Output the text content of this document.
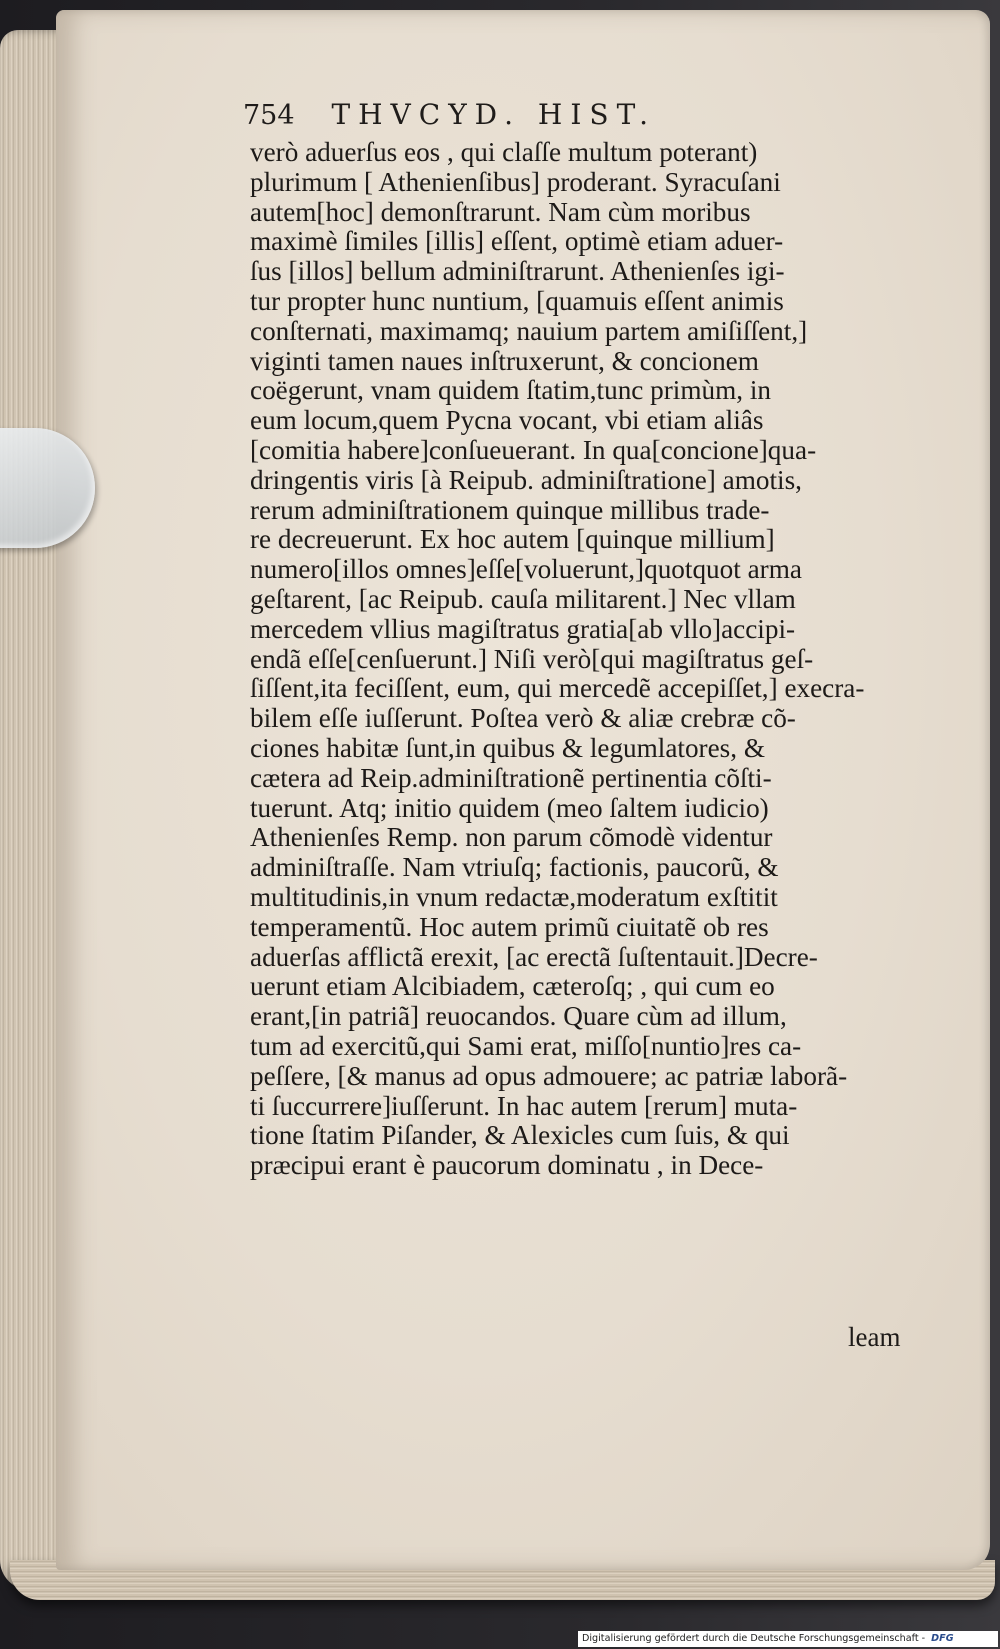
754 THVCYD. HIST.
verò aduerſus eos , qui claſſe multum poterant)
plurimum [ Athenienſibus] proderant. Syracuſani
autem[hoc] demonſtrarunt. Nam cùm moribus
maximè ſimiles [illis] eſſent, optimè etiam aduer-
ſus [illos] bellum adminiſtrarunt. Athenienſes igi-
tur propter hunc nuntium, [quamuis eſſent animis
conſternati, maximamq; nauium partem amiſiſſent,]
viginti tamen naues inſtruxerunt, & concionem
coëgerunt, vnam quidem ſtatim,tunc primùm, in
eum locum,quem Pycna vocant, vbi etiam aliâs
[comitia habere]conſueuerant. In qua[concione]qua-
dringentis viris [à Reipub. adminiſtratione] amotis,
rerum adminiſtrationem quinque millibus trade-
re decreuerunt. Ex hoc autem [quinque millium]
numero[illos omnes]eſſe[voluerunt,]quotquot arma
geſtarent, [ac Reipub. cauſa militarent.] Nec vllam
mercedem vllius magiſtratus gratia[ab vllo]accipi-
endã eſſe[cenſuerunt.] Niſi verò[qui magiſtratus geſ-
ſiſſent,ita feciſſent, eum, qui mercedẽ accepiſſet,] execra-
bilem eſſe iuſſerunt. Poſtea verò & aliæ crebræ cõ-
ciones habitæ ſunt,in quibus & legumlatores, &
cætera ad Reip.adminiſtrationẽ pertinentia cõſti-
tuerunt. Atq; initio quidem (meo ſaltem iudicio)
Athenienſes Remp. non parum cõmodè videntur
adminiſtraſſe. Nam vtriuſq; factionis, paucorũ, &
multitudinis,in vnum redactæ,moderatum exſtitit
temperamentũ. Hoc autem primũ ciuitatẽ ob res
aduerſas afflictã erexit, [ac erectã ſuſtentauit.]Decre-
uerunt etiam Alcibiadem, cæteroſq; , qui cum eo
erant,[in patriã] reuocandos. Quare cùm ad illum,
tum ad exercitũ,qui Sami erat, miſſo[nuntio]res ca-
peſſere, [& manus ad opus admouere; ac patriæ laborã-
ti ſuccurrere]iuſſerunt. In hac autem [rerum] muta-
tione ſtatim Piſander, & Alexicles cum ſuis, & qui
præcipui erant è paucorum dominatu , in Dece-
leam
Digitalisierung gefördert durch die Deutsche Forschungsgemeinschaft - DFG
